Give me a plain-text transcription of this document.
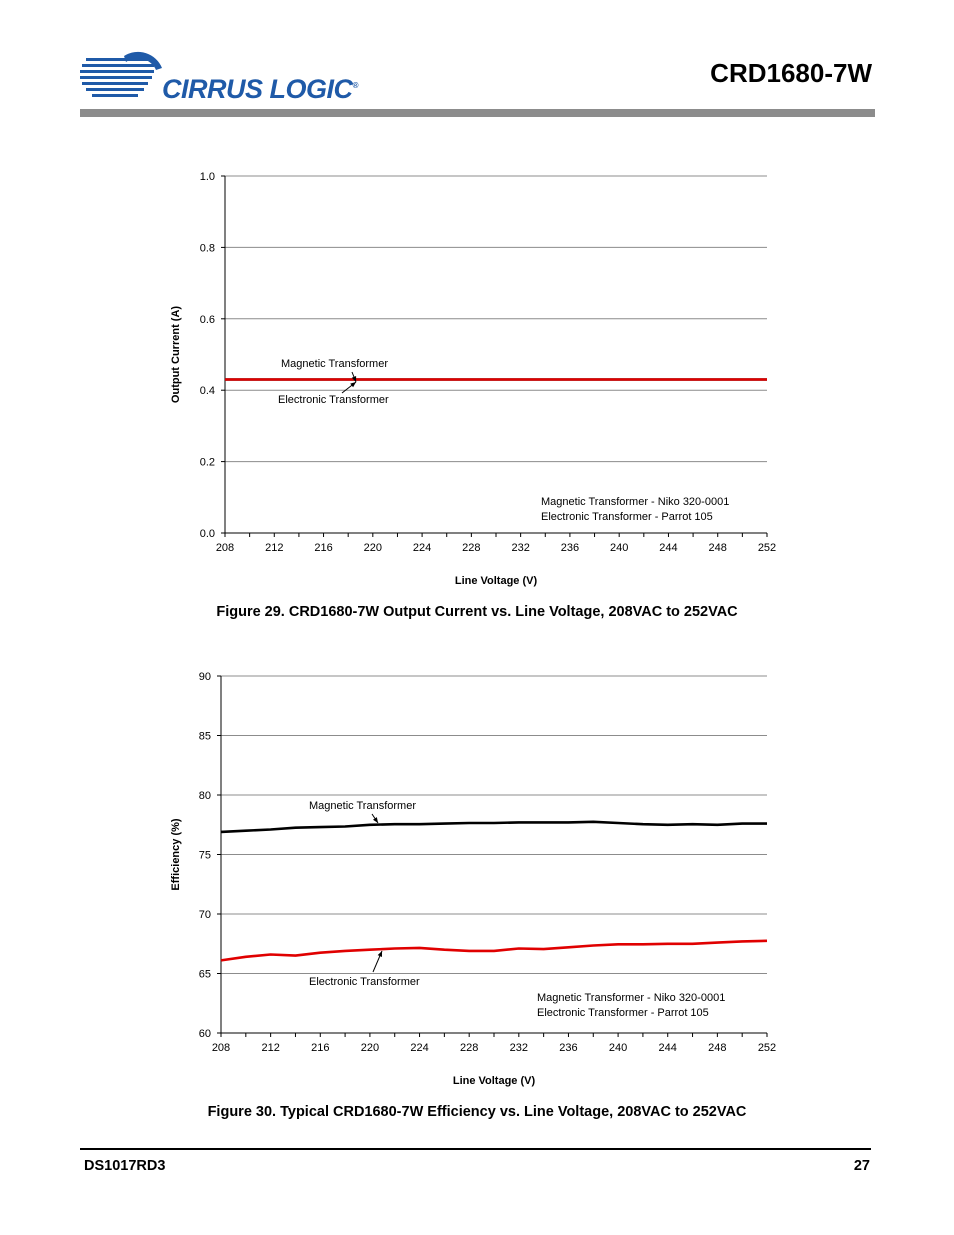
CIRRUS LOGIC®	CRD1680-7W
0.0
0.2
0.4
0.6
0.8
1.0
208	212	216	220	224	228	232	236	240	244	248	252
Line Voltage (V)
Output Current (A)	Magnetic Transformer
Electronic Transformer
Magnetic Transformer - Niko 320-0001
Electronic Transformer - Parrot 105
Figure 29. CRD1680-7W Output Current vs. Line Voltage, 208VAC to 252VAC
60
65
70
75
80
85
90
208	212	216	220	224	228	232	236	240	244	248	252
Line Voltage (V)
Efficiency (%)
Magnetic Transformer
Electronic Transformer
Magnetic Transformer - Niko 320-0001
Electronic Transformer - Parrot 105
Figure 30. Typical CRD1680-7W Efficiency vs. Line Voltage, 208VAC to 252VAC
DS1017RD3	27
